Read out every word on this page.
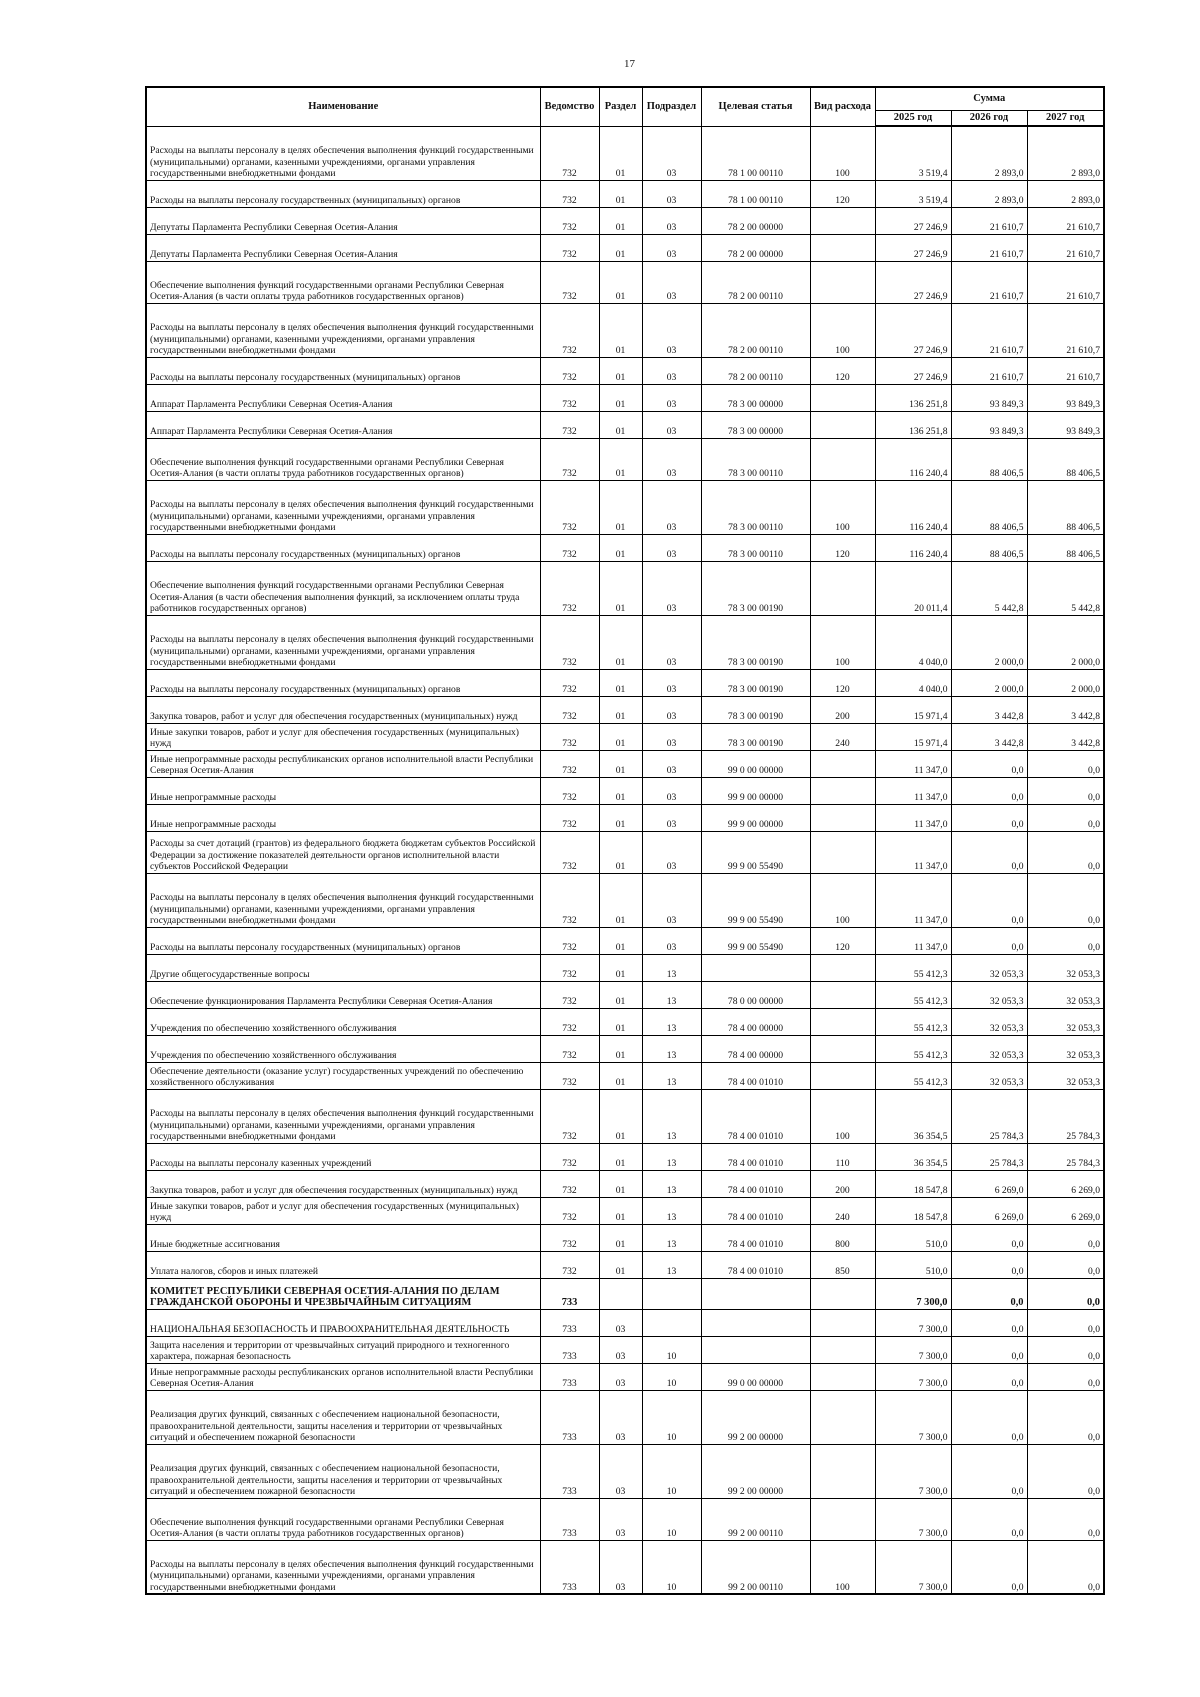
17
Наименование	Ведомство	Раздел	Подраздел	Целевая статья	Вид расхода	Сумма		
						2025 год	2026 год	2027 год
Расходы на выплаты персоналу в целях обеспечения выполнения функций государственными (муниципальными) органами, казенными учреждениями, органами управления государственными внебюджетными фондами	732	01	03	78 1 00 00110	100	3 519,4	2 893,0	2 893,0
Расходы на выплаты персоналу государственных (муниципальных) органов	732	01	03	78 1 00 00110	120	3 519,4	2 893,0	2 893,0
Депутаты Парламента Республики Северная Осетия-Алания	732	01	03	78 2 00 00000		27 246,9	21 610,7	21 610,7
Депутаты Парламента Республики Северная Осетия-Алания	732	01	03	78 2 00 00000		27 246,9	21 610,7	21 610,7
Обеспечение выполнения функций государственными органами Республики Северная Осетия-Алания (в части оплаты труда работников государственных органов)	732	01	03	78 2 00 00110		27 246,9	21 610,7	21 610,7
Расходы на выплаты персоналу в целях обеспечения выполнения функций государственными (муниципальными) органами, казенными учреждениями, органами управления государственными внебюджетными фондами	732	01	03	78 2 00 00110	100	27 246,9	21 610,7	21 610,7
Расходы на выплаты персоналу государственных (муниципальных) органов	732	01	03	78 2 00 00110	120	27 246,9	21 610,7	21 610,7
Аппарат Парламента Республики Северная Осетия-Алания	732	01	03	78 3 00 00000		136 251,8	93 849,3	93 849,3
Аппарат Парламента Республики Северная Осетия-Алания	732	01	03	78 3 00 00000		136 251,8	93 849,3	93 849,3
Обеспечение выполнения функций государственными органами Республики Северная Осетия-Алания (в части оплаты труда работников государственных органов)	732	01	03	78 3 00 00110		116 240,4	88 406,5	88 406,5
Расходы на выплаты персоналу в целях обеспечения выполнения функций государственными (муниципальными) органами, казенными учреждениями, органами управления государственными внебюджетными фондами	732	01	03	78 3 00 00110	100	116 240,4	88 406,5	88 406,5
Расходы на выплаты персоналу государственных (муниципальных) органов	732	01	03	78 3 00 00110	120	116 240,4	88 406,5	88 406,5
Обеспечение выполнения функций государственными органами Республики Северная Осетия-Алания (в части обеспечения выполнения функций, за исключением оплаты труда работников государственных органов)	732	01	03	78 3 00 00190		20 011,4	5 442,8	5 442,8
Расходы на выплаты персоналу в целях обеспечения выполнения функций государственными (муниципальными) органами, казенными учреждениями, органами управления государственными внебюджетными фондами	732	01	03	78 3 00 00190	100	4 040,0	2 000,0	2 000,0
Расходы на выплаты персоналу государственных (муниципальных) органов	732	01	03	78 3 00 00190	120	4 040,0	2 000,0	2 000,0
Закупка товаров, работ и услуг для обеспечения государственных (муниципальных) нужд	732	01	03	78 3 00 00190	200	15 971,4	3 442,8	3 442,8
Иные закупки товаров, работ и услуг для обеспечения государственных (муниципальных) нужд	732	01	03	78 3 00 00190	240	15 971,4	3 442,8	3 442,8
Иные непрограммные расходы республиканских органов исполнительной власти Республики Северная Осетия-Алания	732	01	03	99 0 00 00000		11 347,0	0,0	0,0
Иные непрограммные расходы	732	01	03	99 9 00 00000		11 347,0	0,0	0,0
Иные непрограммные расходы	732	01	03	99 9 00 00000		11 347,0	0,0	0,0
Расходы за счет дотаций (грантов) из федерального бюджета бюджетам субъектов Российской Федерации за достижение показателей деятельности органов исполнительной власти субъектов Российской Федерации	732	01	03	99 9 00 55490		11 347,0	0,0	0,0
Расходы на выплаты персоналу в целях обеспечения выполнения функций государственными (муниципальными) органами, казенными учреждениями, органами управления государственными внебюджетными фондами	732	01	03	99 9 00 55490	100	11 347,0	0,0	0,0
Расходы на выплаты персоналу государственных (муниципальных) органов	732	01	03	99 9 00 55490	120	11 347,0	0,0	0,0
Другие общегосударственные вопросы	732	01	13			55 412,3	32 053,3	32 053,3
Обеспечение функционирования Парламента Республики Северная Осетия-Алания	732	01	13	78 0 00 00000		55 412,3	32 053,3	32 053,3
Учреждения по обеспечению хозяйственного обслуживания	732	01	13	78 4 00 00000		55 412,3	32 053,3	32 053,3
Учреждения по обеспечению хозяйственного обслуживания	732	01	13	78 4 00 00000		55 412,3	32 053,3	32 053,3
Обеспечение деятельности (оказание услуг) государственных учреждений по обеспечению хозяйственного обслуживания	732	01	13	78 4 00 01010		55 412,3	32 053,3	32 053,3
Расходы на выплаты персоналу в целях обеспечения выполнения функций государственными (муниципальными) органами, казенными учреждениями, органами управления государственными внебюджетными фондами	732	01	13	78 4 00 01010	100	36 354,5	25 784,3	25 784,3
Расходы на выплаты персоналу казенных учреждений	732	01	13	78 4 00 01010	110	36 354,5	25 784,3	25 784,3
Закупка товаров, работ и услуг для обеспечения государственных (муниципальных) нужд	732	01	13	78 4 00 01010	200	18 547,8	6 269,0	6 269,0
Иные закупки товаров, работ и услуг для обеспечения государственных (муниципальных) нужд	732	01	13	78 4 00 01010	240	18 547,8	6 269,0	6 269,0
Иные бюджетные ассигнования	732	01	13	78 4 00 01010	800	510,0	0,0	0,0
Уплата налогов, сборов и иных платежей	732	01	13	78 4 00 01010	850	510,0	0,0	0,0
КОМИТЕТ РЕСПУБЛИКИ СЕВЕРНАЯ ОСЕТИЯ-АЛАНИЯ ПО ДЕЛАМ ГРАЖДАНСКОЙ ОБОРОНЫ И ЧРЕЗВЫЧАЙНЫМ СИТУАЦИЯМ	733					7 300,0	0,0	0,0
НАЦИОНАЛЬНАЯ БЕЗОПАСНОСТЬ И ПРАВООХРАНИТЕЛЬНАЯ ДЕЯТЕЛЬНОСТЬ	733	03				7 300,0	0,0	0,0
Защита населения и территории от чрезвычайных ситуаций природного и техногенного характера, пожарная безопасность	733	03	10			7 300,0	0,0	0,0
Иные непрограммные расходы республиканских органов исполнительной власти Республики Северная Осетия-Алания	733	03	10	99 0 00 00000		7 300,0	0,0	0,0
Реализация других функций, связанных с обеспечением национальной безопасности, правоохранительной деятельности, защиты населения и территории от чрезвычайных ситуаций и обеспечением пожарной безопасности	733	03	10	99 2 00 00000		7 300,0	0,0	0,0
Реализация других функций, связанных с обеспечением национальной безопасности, правоохранительной деятельности, защиты населения и территории от чрезвычайных ситуаций и обеспечением пожарной безопасности	733	03	10	99 2 00 00000		7 300,0	0,0	0,0
Обеспечение выполнения функций государственными органами Республики Северная Осетия-Алания (в части оплаты труда работников государственных органов)	733	03	10	99 2 00 00110		7 300,0	0,0	0,0
Расходы на выплаты персоналу в целях обеспечения выполнения функций государственными (муниципальными) органами, казенными учреждениями, органами управления государственными внебюджетными фондами	733	03	10	99 2 00 00110	100	7 300,0	0,0	0,0
